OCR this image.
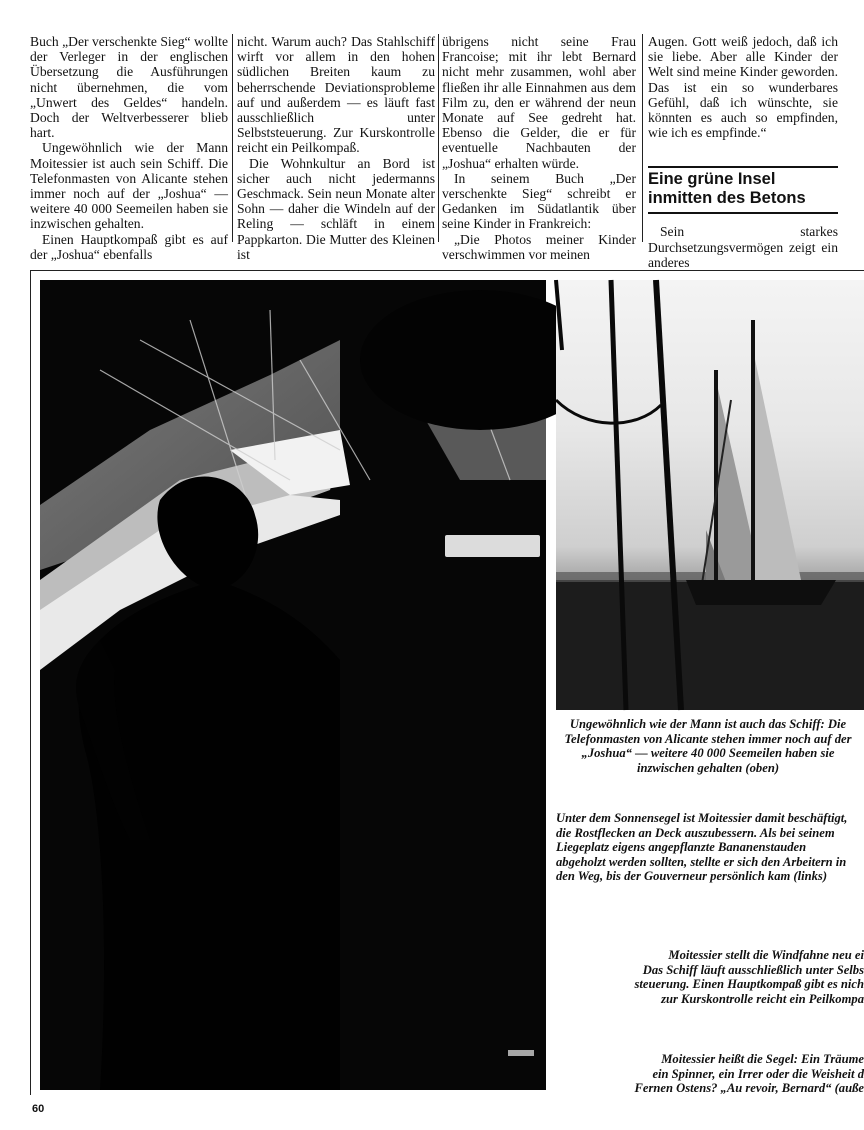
Buch „Der verschenkte Sieg“ wollte der Verleger in der englischen Übersetzung die Ausführungen nicht übernehmen, die vom „Unwert des Geldes“ handeln. Doch der Weltverbesserer blieb hart.

Ungewöhnlich wie der Mann Moitessier ist auch sein Schiff. Die Telefonmasten von Alicante stehen immer noch auf der „Joshua“ — weitere 40 000 Seemeilen haben sie inzwischen gehalten.

Einen Hauptkompaß gibt es auf der „Joshua“ ebenfalls

nicht. Warum auch? Das Stahlschiff wirft vor allem in den hohen südlichen Breiten kaum zu beherrschende Deviationsprobleme auf und außerdem — es läuft fast ausschließlich unter Selbststeuerung. Zur Kurskontrolle reicht ein Peilkompaß.

Die Wohnkultur an Bord ist sicher auch nicht jedermanns Geschmack. Sein neun Monate alter Sohn — daher die Windeln auf der Reling — schläft in einem Pappkarton. Die Mutter des Kleinen ist

übrigens nicht seine Frau Francoise; mit ihr lebt Bernard nicht mehr zusammen, wohl aber fließen ihr alle Einnahmen aus dem Film zu, den er während der neun Monate auf See gedreht hat. Ebenso die Gelder, die er für eventuelle Nachbauten der „Joshua“ erhalten würde.

In seinem Buch „Der verschenkte Sieg“ schreibt er Gedanken im Südatlantik über seine Kinder in Frankreich:

„Die Photos meiner Kinder verschwimmen vor meinen

Augen. Gott weiß jedoch, daß ich sie liebe. Aber alle Kinder der Welt sind meine Kinder geworden. Das ist ein so wunderbares Gefühl, daß ich wünschte, sie könnten es auch so empfinden, wie ich es empfinde.“

Eine grüne Insel inmitten des Betons

Sein starkes Durchsetzungsvermögen zeigt ein anderes

Ungewöhnlich wie der Mann ist auch das Schiff: Die Telefonmasten von Alicante stehen immer noch auf der „Joshua“ — weitere 40 000 Seemeilen haben sie inzwischen gehalten (oben)
Unter dem Sonnensegel ist Moitessier damit beschäftigt, die Rostflecken an Deck auszubessern. Als bei seinem Liegeplatz eigens angepflanzte Bananenstauden abgeholzt werden sollten, stellte er sich den Arbeitern in den Weg, bis der Gouverneur persönlich kam (links)
Moitessier stellt die Windfahne neu ei
Das Schiff läuft ausschließlich unter Selbs
steuerung. Einen Hauptkompaß gibt es nich
zur Kurskontrolle reicht ein Peilkompa
Moitessier heißt die Segel: Ein Träume
ein Spinner, ein Irrer oder die Weisheit d
Fernen Ostens? „Au revoir, Bernard“ (auße
60
